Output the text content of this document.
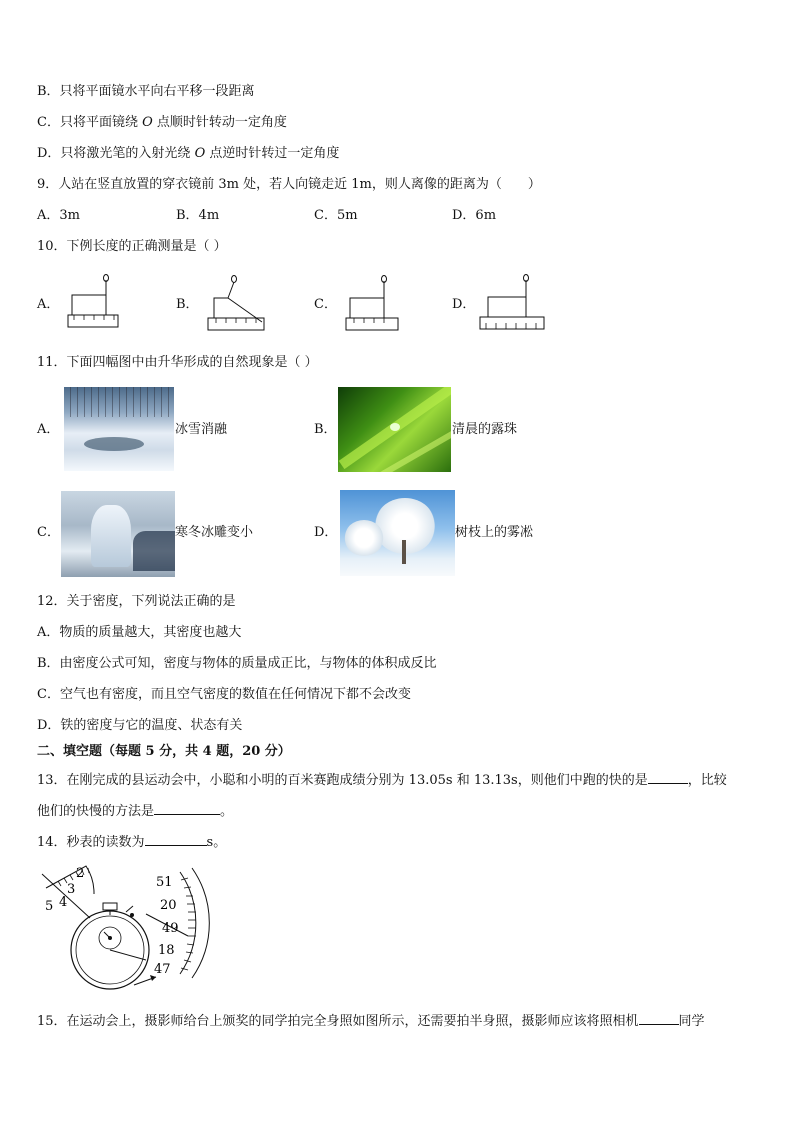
B．只将平面镜水平向右平移一段距离
C．只将平面镜绕 O 点顺时针转动一定角度
D．只将激光笔的入射光绕 O 点逆时针转过一定角度
9．人站在竖直放置的穿衣镜前 3m 处，若人向镜走近 1m，则人离像的距离为（　　）
A．3m	B．4m	C．5m	D．6m
10．下例长度的正确测量是（ ）
A．	B．	C．	D．
11．下面四幅图中由升华形成的自然现象是（ ）
A．	冰雪消融	B．	清晨的露珠
C．	寒冬冰雕变小	D．	树枝上的雾凇
12．关于密度，下列说法正确的是
A．物质的质量越大，其密度也越大
B．由密度公式可知，密度与物体的质量成正比，与物体的体积成反比
C．空气也有密度，而且空气密度的数值在任何情况下都不会改变
D．铁的密度与它的温度、状态有关
二、填空题（每题 5 分，共 4 题，20 分）
13．在刚完成的县运动会中，小聪和小明的百米赛跑成绩分别为 13.05s 和 13.13s，则他们中跑的快的是	，比较
他们的快慢的方法是	。
14．秒表的读数为	s。
2
3
4
5
51
20
49
18
47
15．在运动会上，摄影师给台上颁奖的同学拍完全身照如图所示，还需要拍半身照，摄影师应该将照相机	同学
